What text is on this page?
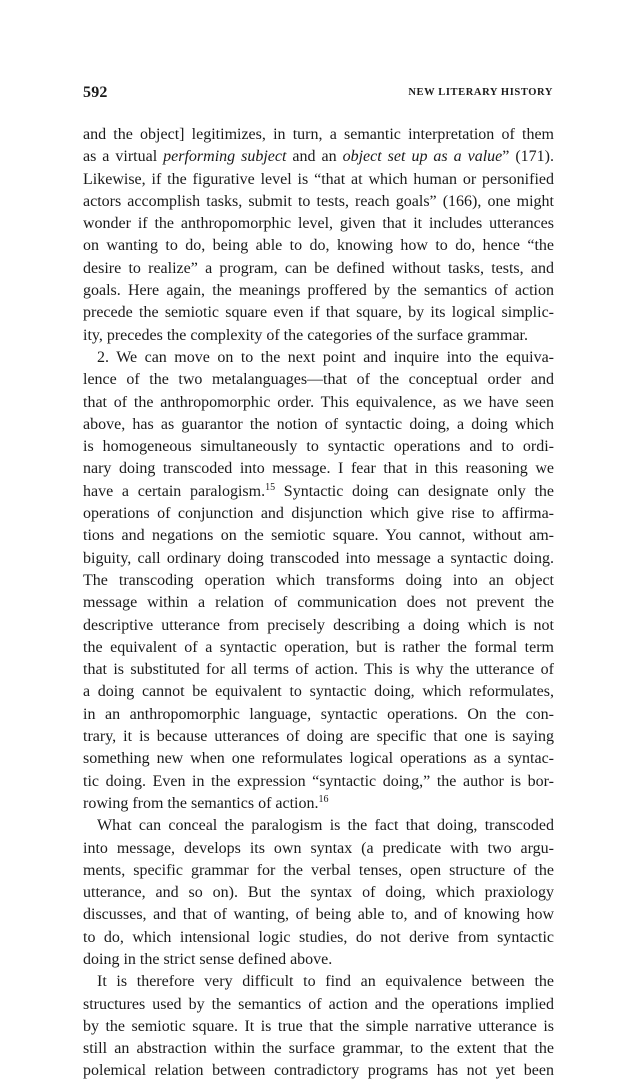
592	NEW LITERARY HISTORY
and the object] legitimizes, in turn, a semantic interpretation of them
as a virtual performing subject and an object set up as a value” (171).
Likewise, if the figurative level is “that at which human or personified
actors accomplish tasks, submit to tests, reach goals” (166), one might
wonder if the anthropomorphic level, given that it includes utterances
on wanting to do, being able to do, knowing how to do, hence “the
desire to realize” a program, can be defined without tasks, tests, and
goals. Here again, the meanings proffered by the semantics of action
precede the semiotic square even if that square, by its logical simplic-
ity, precedes the complexity of the categories of the surface grammar.
2. We can move on to the next point and inquire into the equiva-
lence of the two metalanguages—that of the conceptual order and
that of the anthropomorphic order. This equivalence, as we have seen
above, has as guarantor the notion of syntactic doing, a doing which
is homogeneous simultaneously to syntactic operations and to ordi-
nary doing transcoded into message. I fear that in this reasoning we
have a certain paralogism.$^{15}$ Syntactic doing can designate only the
operations of conjunction and disjunction which give rise to affirma-
tions and negations on the semiotic square. You cannot, without am-
biguity, call ordinary doing transcoded into message a syntactic doing.
The transcoding operation which transforms doing into an object
message within a relation of communication does not prevent the
descriptive utterance from precisely describing a doing which is not
the equivalent of a syntactic operation, but is rather the formal term
that is substituted for all terms of action. This is why the utterance of
a doing cannot be equivalent to syntactic doing, which reformulates,
in an anthropomorphic language, syntactic operations. On the con-
trary, it is because utterances of doing are specific that one is saying
something new when one reformulates logical operations as a syntac-
tic doing. Even in the expression “syntactic doing,” the author is bor-
rowing from the semantics of action.$^{16}$
What can conceal the paralogism is the fact that doing, transcoded
into message, develops its own syntax (a predicate with two argu-
ments, specific grammar for the verbal tenses, open structure of the
utterance, and so on). But the syntax of doing, which praxiology
discusses, and that of wanting, of being able to, and of knowing how
to do, which intensional logic studies, do not derive from syntactic
doing in the strict sense defined above.
It is therefore very difficult to find an equivalence between the
structures used by the semantics of action and the operations implied
by the semiotic square. It is true that the simple narrative utterance is
still an abstraction within the surface grammar, to the extent that the
polemical relation between contradictory programs has not yet been
